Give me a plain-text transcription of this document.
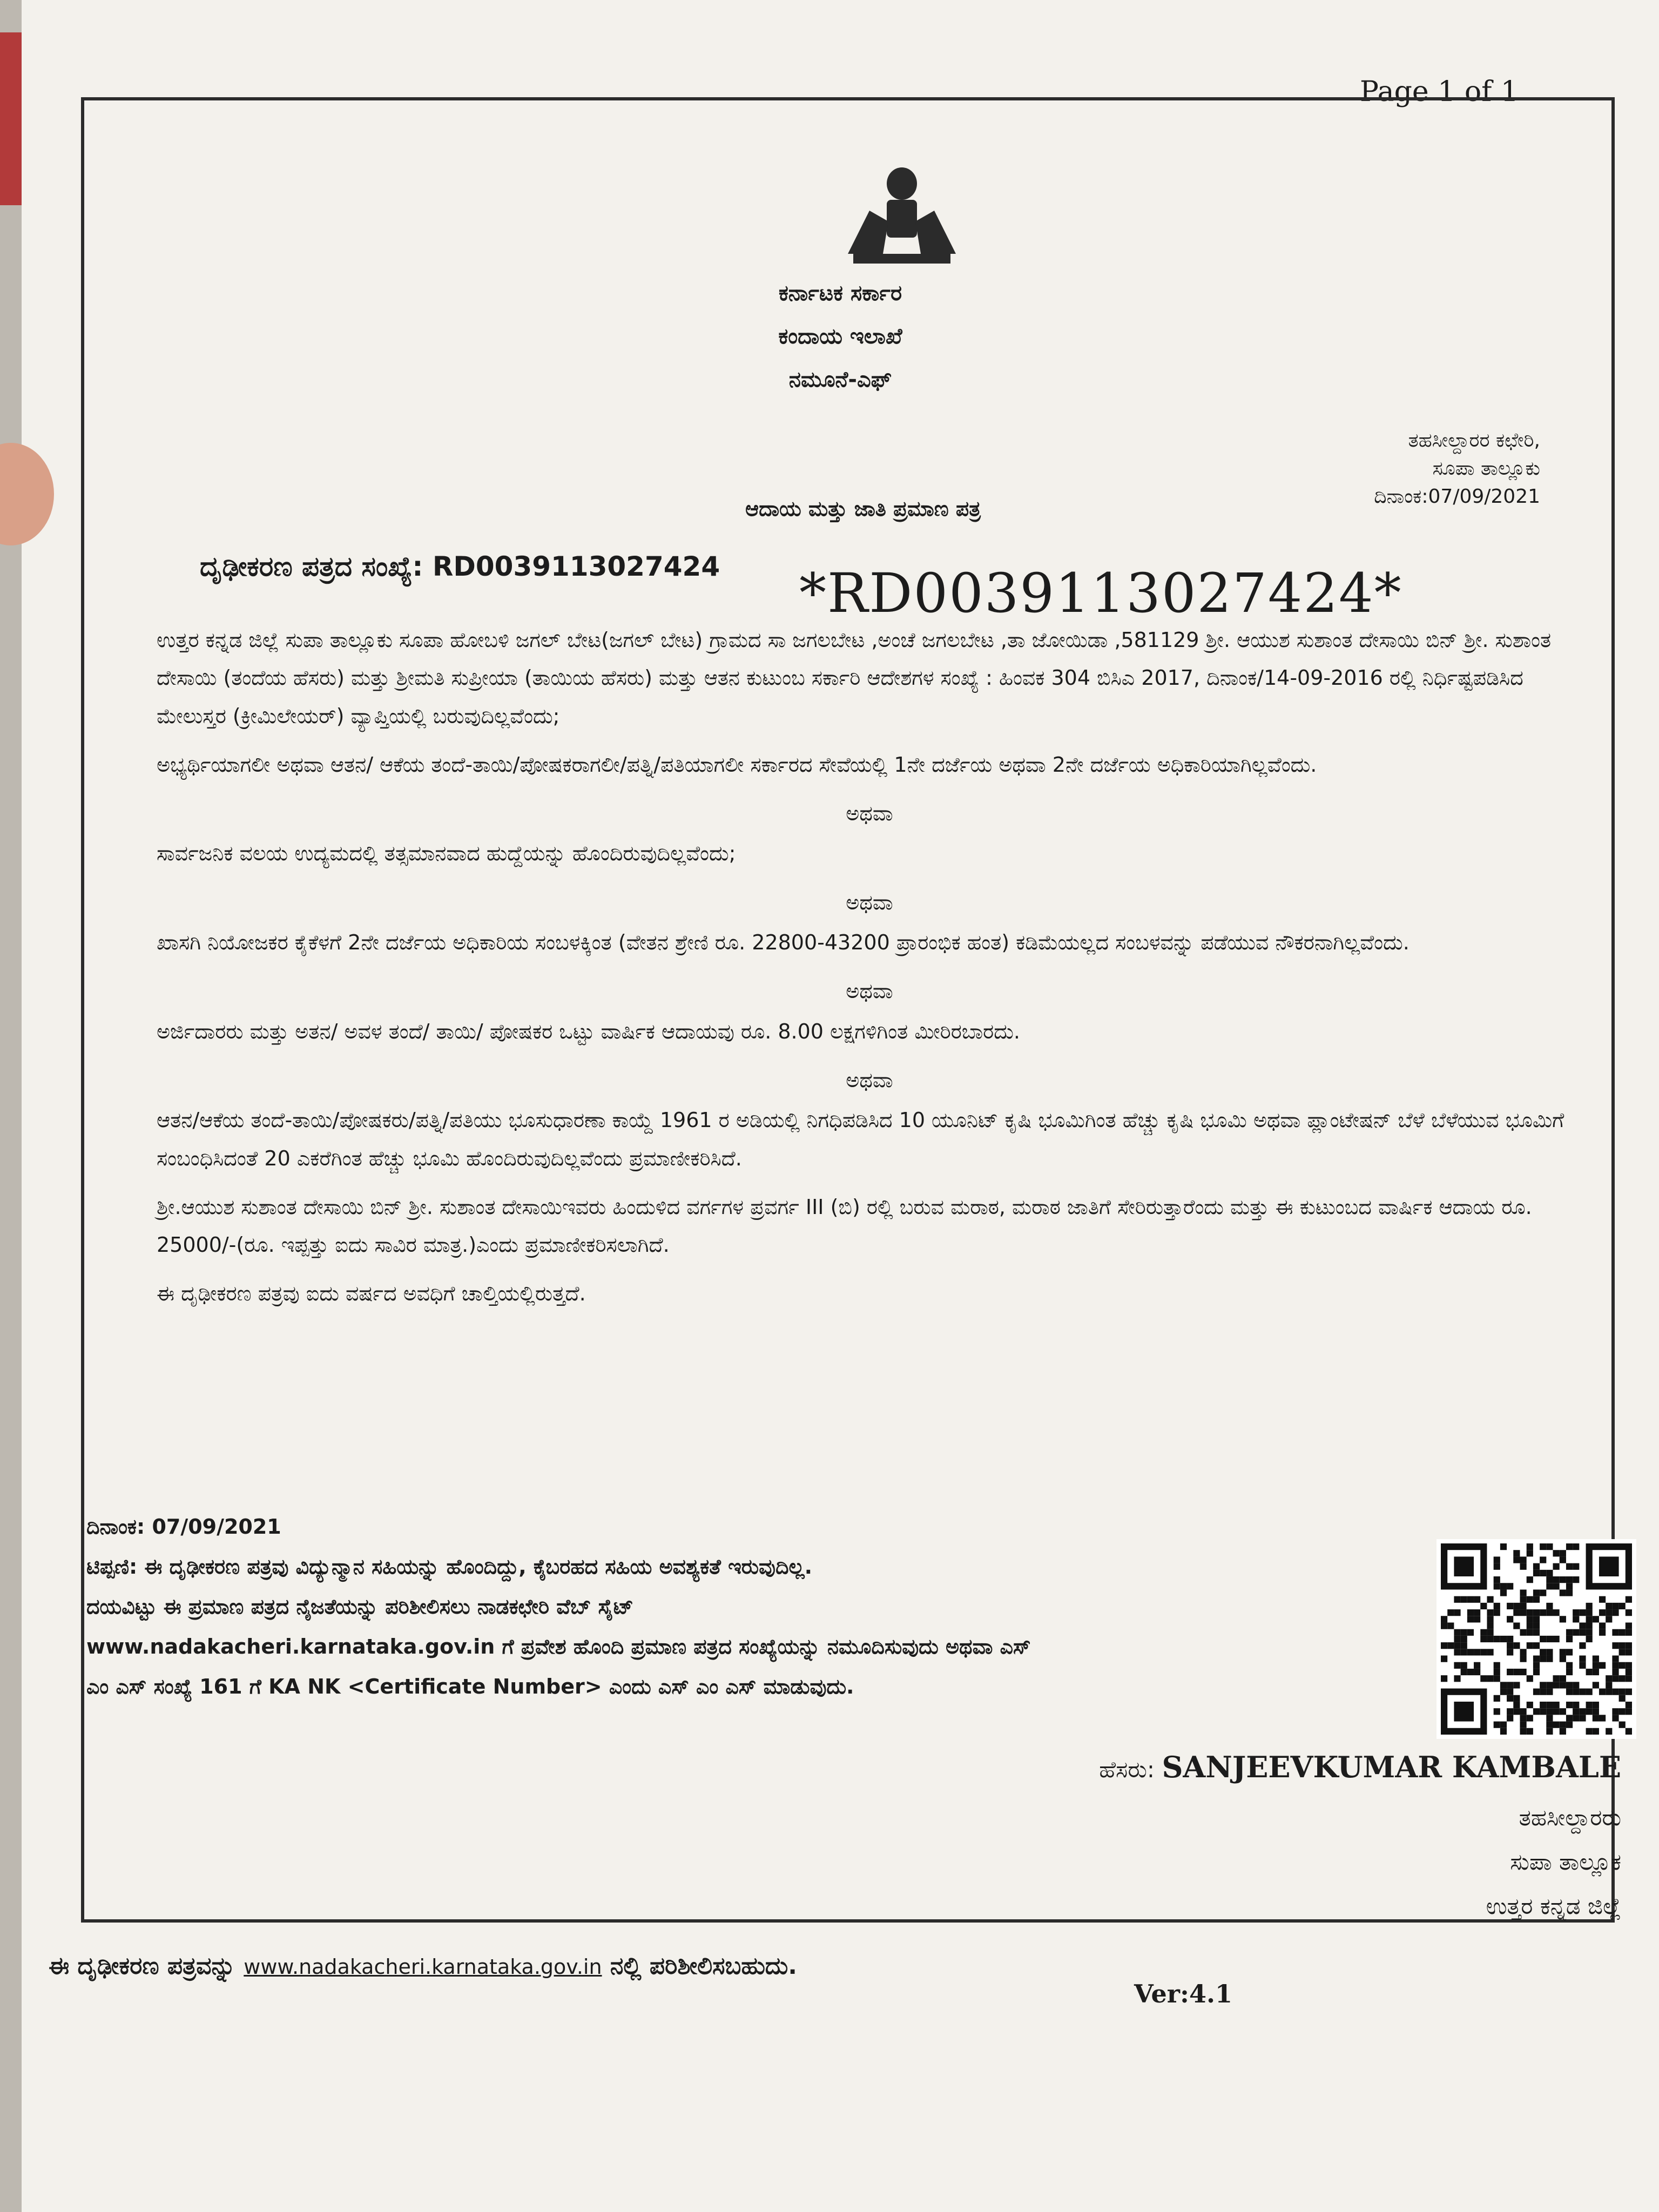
Page 1 of 1
ಕರ್ನಾಟಕ ಸರ್ಕಾರ
ಕಂದಾಯ ಇಲಾಖೆ
ನಮೂನೆ-ಎಫ್
ತಹಸೀಲ್ದಾರರ ಕಛೇರಿ,
ಸೂಪಾ ತಾಲ್ಲೂಕು
ದಿನಾಂಕ:07/09/2021
ಆದಾಯ ಮತ್ತು ಜಾತಿ ಪ್ರಮಾಣ ಪತ್ರ
ದೃಢೀಕರಣ ಪತ್ರದ ಸಂಖ್ಯೆ: RD0039113027424 *RD0039113027424*

ಉತ್ತರ ಕನ್ನಡ ಜಿಲ್ಲೆ ಸುಪಾ ತಾಲ್ಲೂಕು ಸೂಪಾ ಹೋಬಳಿ ಜಗಲ್ ಬೇಟ(ಜಗಲ್ ಬೇಟ) ಗ್ರಾಮದ ಸಾ ಜಗಲಬೇಟ ,ಅಂಚೆ ಜಗಲಬೇಟ ,ತಾ ಜೋಯಿಡಾ ,581129 ಶ್ರೀ. ಆಯುಶ ಸುಶಾಂತ ದೇಸಾಯಿ ಬಿನ್ ಶ್ರೀ. ಸುಶಾಂತ ದೇಸಾಯಿ (ತಂದೆಯ ಹೆಸರು) ಮತ್ತು ಶ್ರೀಮತಿ ಸುಪ್ರೀಯಾ (ತಾಯಿಯ ಹೆಸರು) ಮತ್ತು ಆತನ ಕುಟುಂಬ ಸರ್ಕಾರಿ ಆದೇಶಗಳ ಸಂಖ್ಯೆ : ಹಿಂವಕ 304 ಬಿಸಿಎ 2017, ದಿನಾಂಕ/14-09-2016 ರಲ್ಲಿ ನಿರ್ಧಿಷ್ಟಪಡಿಸಿದ ಮೇಲುಸ್ತರ (ಕ್ರೀಮಿಲೇಯರ್) ವ್ಯಾಪ್ತಿಯಲ್ಲಿ ಬರುವುದಿಲ್ಲವೆಂದು;

ಅಭ್ಯರ್ಥಿಯಾಗಲೀ ಅಥವಾ ಆತನ/ ಆಕೆಯ ತಂದೆ-ತಾಯಿ/ಪೋಷಕರಾಗಲೀ/ಪತ್ನಿ/ಪತಿಯಾಗಲೀ ಸರ್ಕಾರದ ಸೇವೆಯಲ್ಲಿ 1ನೇ ದರ್ಜೆಯ ಅಥವಾ 2ನೇ ದರ್ಜೆಯ ಅಧಿಕಾರಿಯಾಗಿಲ್ಲವೆಂದು.

ಅಥವಾ

ಸಾರ್ವಜನಿಕ ವಲಯ ಉದ್ಯಮದಲ್ಲಿ ತತ್ಸಮಾನವಾದ ಹುದ್ದೆಯನ್ನು ಹೊಂದಿರುವುದಿಲ್ಲವೆಂದು;

ಅಥವಾ

ಖಾಸಗಿ ನಿಯೋಜಕರ ಕೈಕೆಳಗೆ 2ನೇ ದರ್ಜೆಯ ಅಧಿಕಾರಿಯ ಸಂಬಳಕ್ಕಿಂತ (ವೇತನ ಶ್ರೇಣಿ ರೂ. 22800-43200 ಪ್ರಾರಂಭಿಕ ಹಂತ) ಕಡಿಮೆಯಲ್ಲದ ಸಂಬಳವನ್ನು ಪಡೆಯುವ ನೌಕರನಾಗಿಲ್ಲವೆಂದು.

ಅಥವಾ

ಅರ್ಜಿದಾರರು ಮತ್ತು ಅತನ/ ಅವಳ ತಂದೆ/ ತಾಯಿ/ ಪೋಷಕರ ಒಟ್ಟು ವಾರ್ಷಿಕ ಆದಾಯವು ರೂ. 8.00 ಲಕ್ಷಗಳಿಗಿಂತ ಮೀರಿರಬಾರದು.

ಅಥವಾ

ಆತನ/ಆಕೆಯ ತಂದೆ-ತಾಯಿ/ಪೋಷಕರು/ಪತ್ನಿ/ಪತಿಯು ಭೂಸುಧಾರಣಾ ಕಾಯ್ದೆ 1961 ರ ಅಡಿಯಲ್ಲಿ ನಿಗಧಿಪಡಿಸಿದ 10 ಯೂನಿಟ್ ಕೃಷಿ ಭೂಮಿಗಿಂತ ಹೆಚ್ಚು ಕೃಷಿ ಭೂಮಿ ಅಥವಾ ಪ್ಲಾಂಟೇಷನ್ ಬೆಳೆ ಬೆಳೆಯುವ ಭೂಮಿಗೆ ಸಂಬಂಧಿಸಿದಂತೆ 20 ಎಕರೆಗಿಂತ ಹೆಚ್ಚು ಭೂಮಿ ಹೊಂದಿರುವುದಿಲ್ಲವೆಂದು ಪ್ರಮಾಣೀಕರಿಸಿದೆ.

ಶ್ರೀ.ಆಯುಶ ಸುಶಾಂತ ದೇಸಾಯಿ ಬಿನ್ ಶ್ರೀ. ಸುಶಾಂತ ದೇಸಾಯಿಇವರು ಹಿಂದುಳಿದ ವರ್ಗಗಳ ಪ್ರವರ್ಗ III (ಬಿ) ರಲ್ಲಿ ಬರುವ ಮರಾಠ, ಮರಾಠ ಜಾತಿಗೆ ಸೇರಿರುತ್ತಾರೆಂದು ಮತ್ತು ಈ ಕುಟುಂಬದ ವಾರ್ಷಿಕ ಆದಾಯ ರೂ. 25000/-(ರೂ. ಇಪ್ಪತ್ತು ಐದು ಸಾವಿರ ಮಾತ್ರ.)ಎಂದು ಪ್ರಮಾಣೀಕರಿಸಲಾಗಿದೆ.

ಈ ದೃಢೀಕರಣ ಪತ್ರವು ಐದು ವರ್ಷದ ಅವಧಿಗೆ ಚಾಲ್ತಿಯಲ್ಲಿರುತ್ತದೆ.

ದಿನಾಂಕ: 07/09/2021
ಟಿಪ್ಪಣಿ: ಈ ದೃಢೀಕರಣ ಪತ್ರವು ವಿದ್ಯುನ್ಮಾನ ಸಹಿಯನ್ನು ಹೊಂದಿದ್ದು, ಕೈಬರಹದ ಸಹಿಯ ಅವಶ್ಯಕತೆ ಇರುವುದಿಲ್ಲ.
ದಯವಿಟ್ಟು ಈ ಪ್ರಮಾಣ ಪತ್ರದ ನೈಜತೆಯನ್ನು ಪರಿಶೀಲಿಸಲು ನಾಡಕಛೇರಿ ವೆಬ್ ಸೈಟ್ www.nadakacheri.karnataka.gov.in ಗೆ ಪ್ರವೇಶ ಹೊಂದಿ ಪ್ರಮಾಣ ಪತ್ರದ ಸಂಖ್ಯೆಯನ್ನು ನಮೂದಿಸುವುದು ಅಥವಾ ಎಸ್ ಎಂ ಎಸ್ ಸಂಖ್ಯೆ 161 ಗೆ KA NK <Certificate Number> ಎಂದು ಎಸ್ ಎಂ ಎಸ್ ಮಾಡುವುದು.
ಹೆಸರು: SANJEEVKUMAR KAMBALE
ತಹಸೀಲ್ದಾರರು
ಸುಪಾ ತಾಲ್ಲೂಕ
ಉತ್ತರ ಕನ್ನಡ ಜಿಲ್ಲೆ
ಈ ದೃಢೀಕರಣ ಪತ್ರವನ್ನು www.nadakacheri.karnataka.gov.in ನಲ್ಲಿ ಪರಿಶೀಲಿಸಬಹುದು.
Ver:4.1
